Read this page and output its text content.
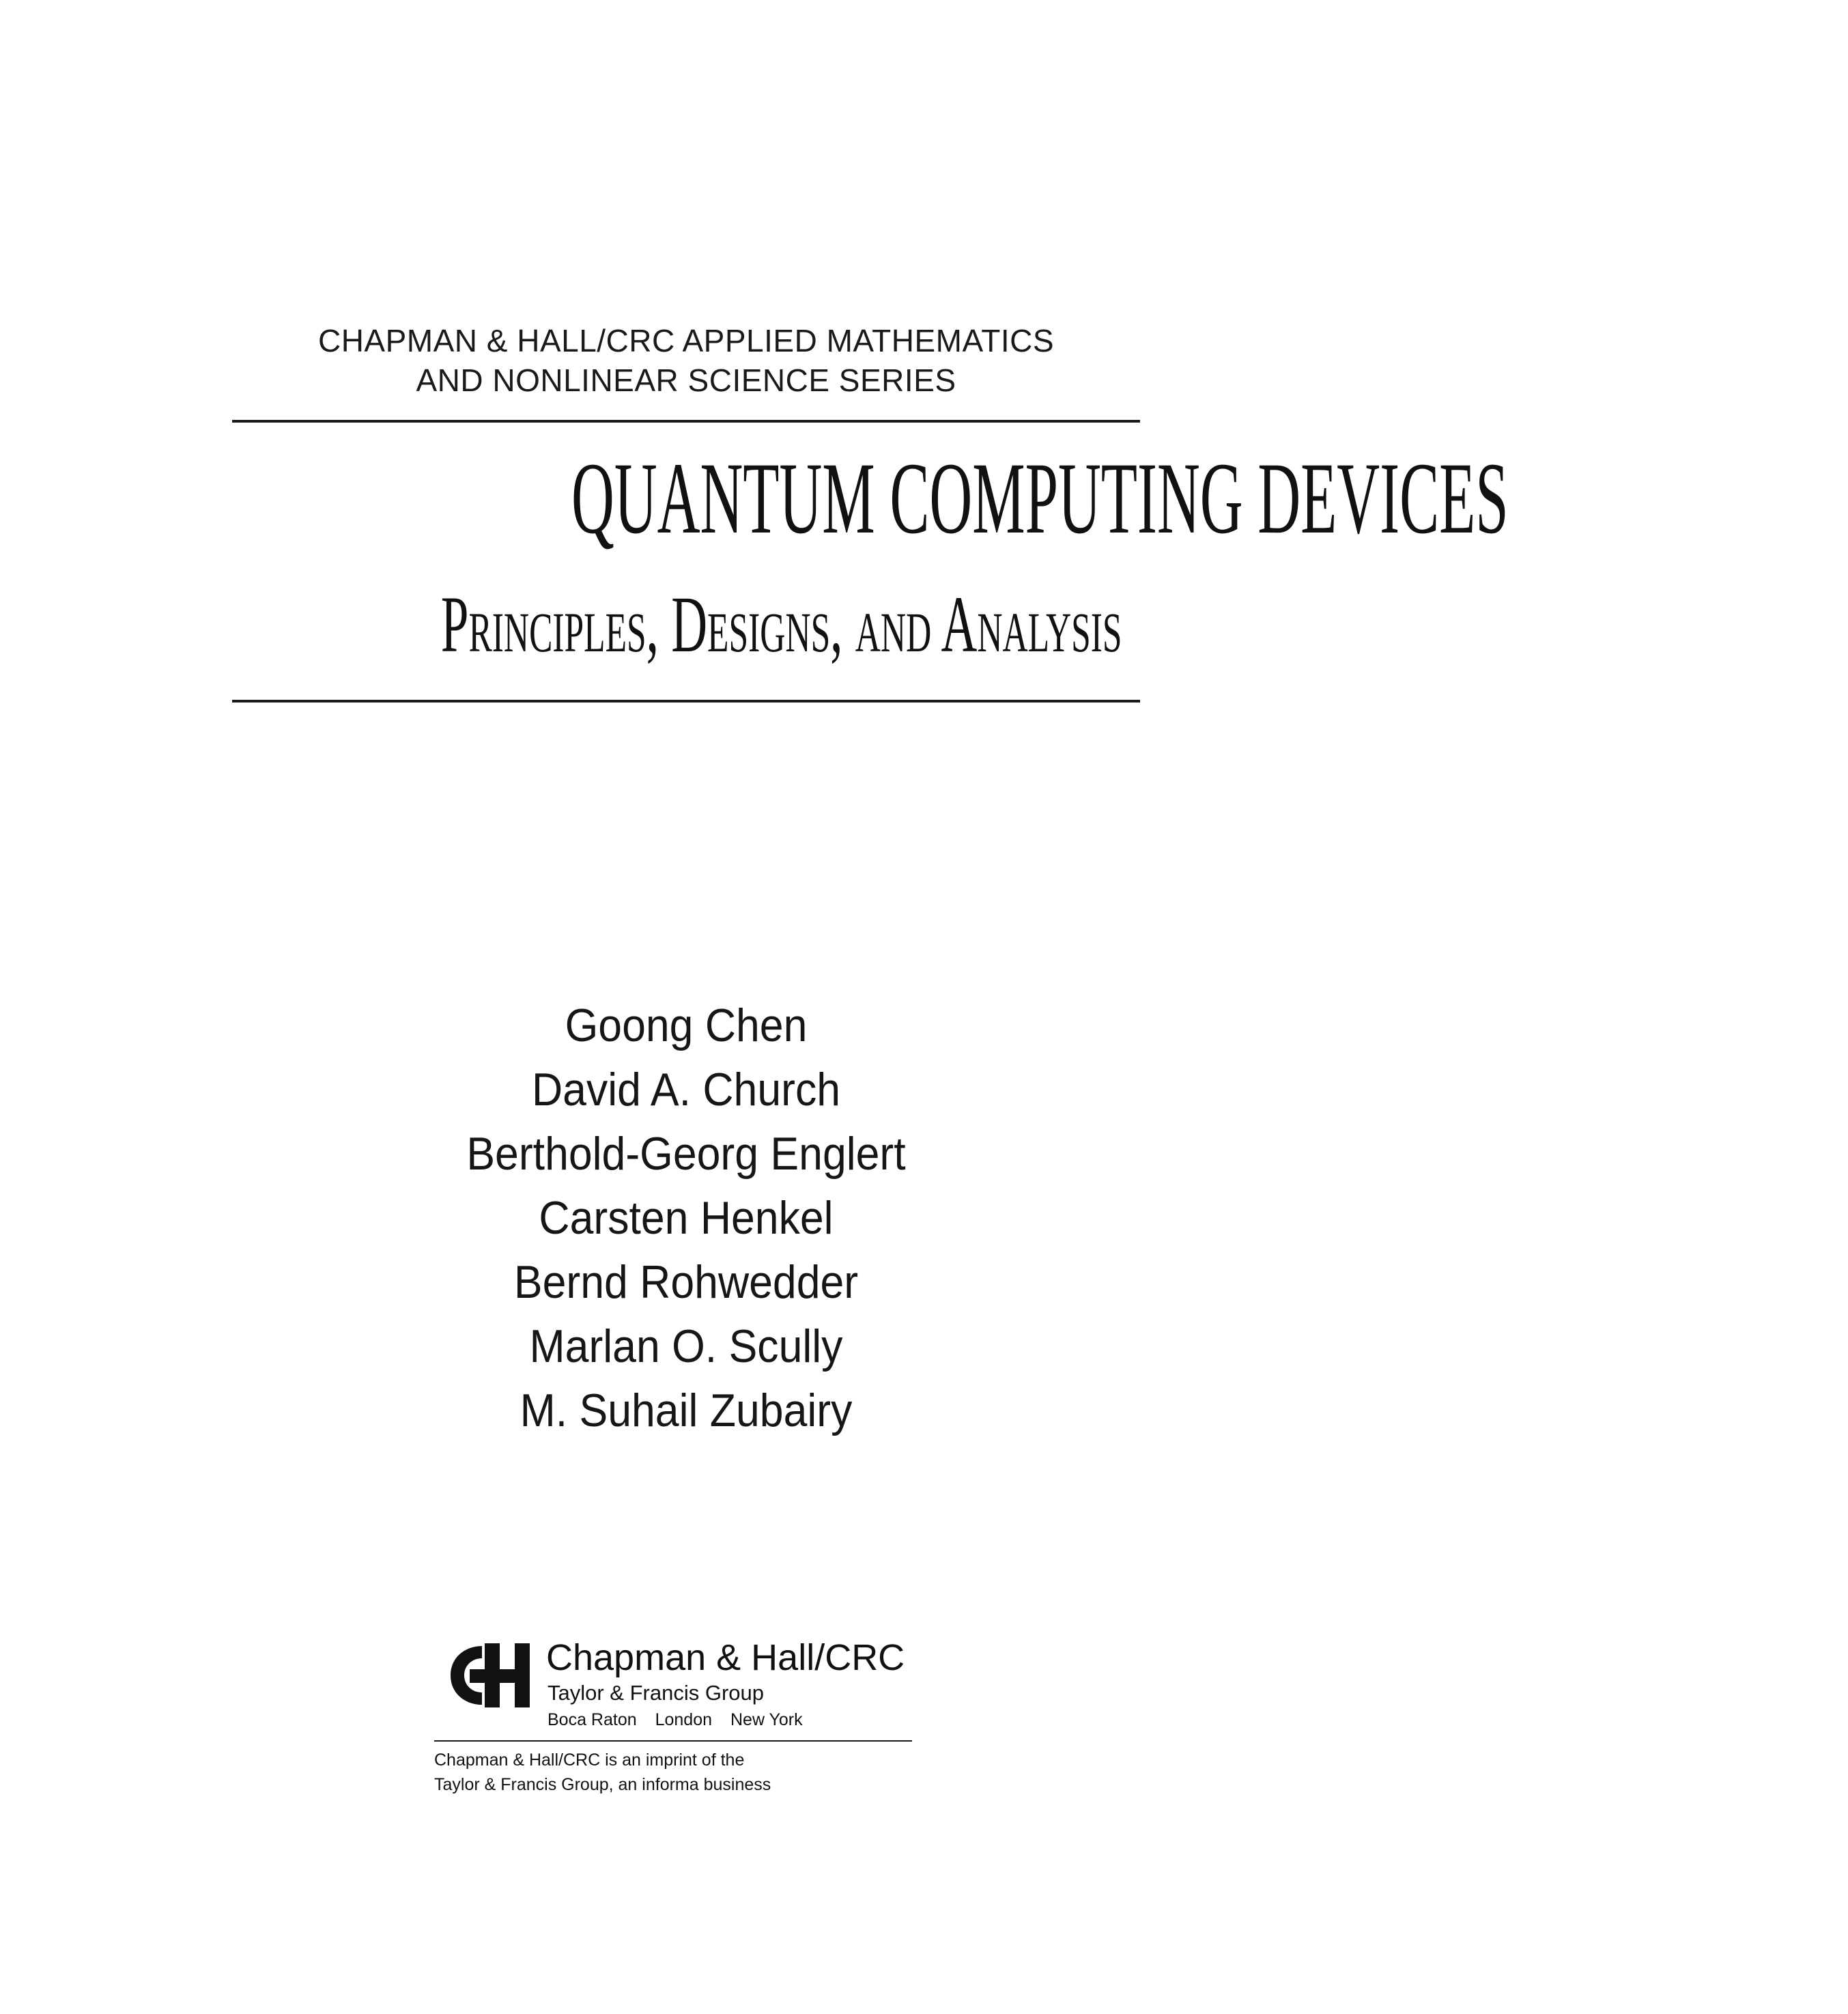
CHAPMAN & HALL/CRC APPLIED MATHEMATICS
AND NONLINEAR SCIENCE SERIES
QUANTUM COMPUTING DEVICES
Principles, Designs, and Analysis
Goong Chen
David A. Church
Berthold-Georg Englert
Carsten Henkel
Bernd Rohwedder
Marlan O. Scully
M. Suhail Zubairy
Chapman & Hall/CRC
Taylor & Francis Group
Boca Raton London New York
Chapman & Hall/CRC is an imprint of the
Taylor & Francis Group, an informa business
